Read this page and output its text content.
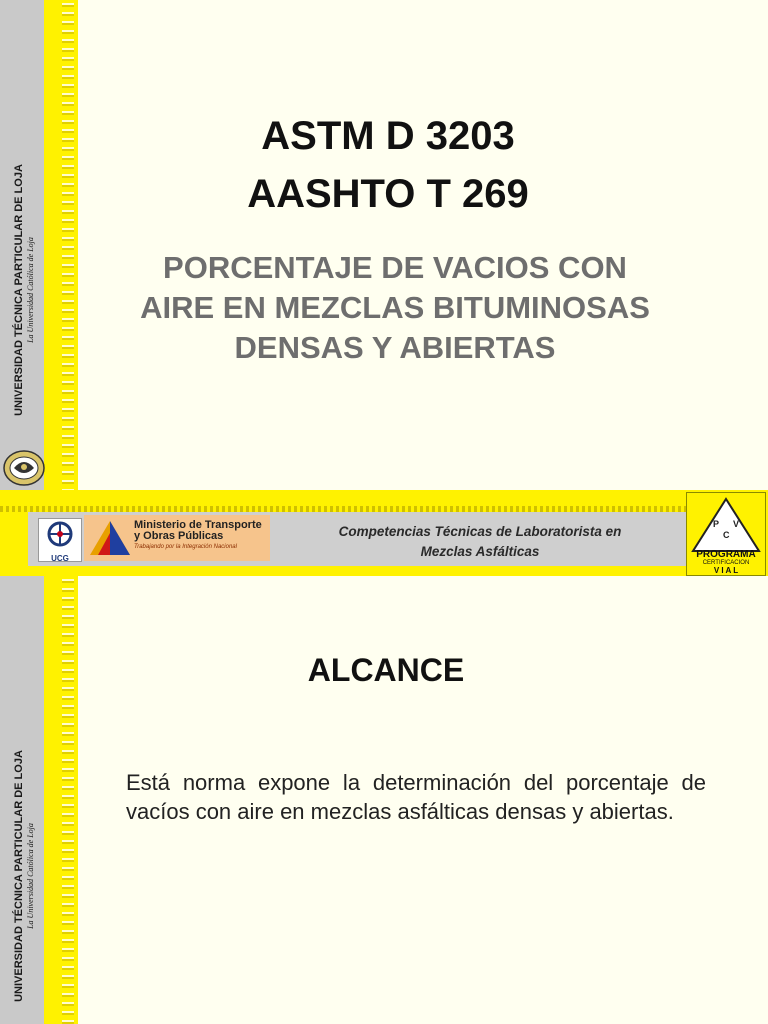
UNIVERSIDAD TÉCNICA PARTICULAR DE LOJA La Universidad Católica de Loja
ASTM D 3203
AASHTO T 269
PORCENTAJE DE VACIOS CON
AIRE EN MEZCLAS BITUMINOSAS
DENSAS Y ABIERTAS
UCG
Ministerio de Transporte
y Obras Públicas
Trabajando por la Integración Nacional
Competencias Técnicas de Laboratorista en
Mezclas Asfálticas
P V
C
PROGRAMA
CERTIFICACION
V I A L
UNIVERSIDAD TÉCNICA PARTICULAR DE LOJA La Universidad Católica de Loja
ALCANCE
Está norma expone la determinación del porcentaje de vacíos con aire en mezclas asfálticas densas y abiertas.
